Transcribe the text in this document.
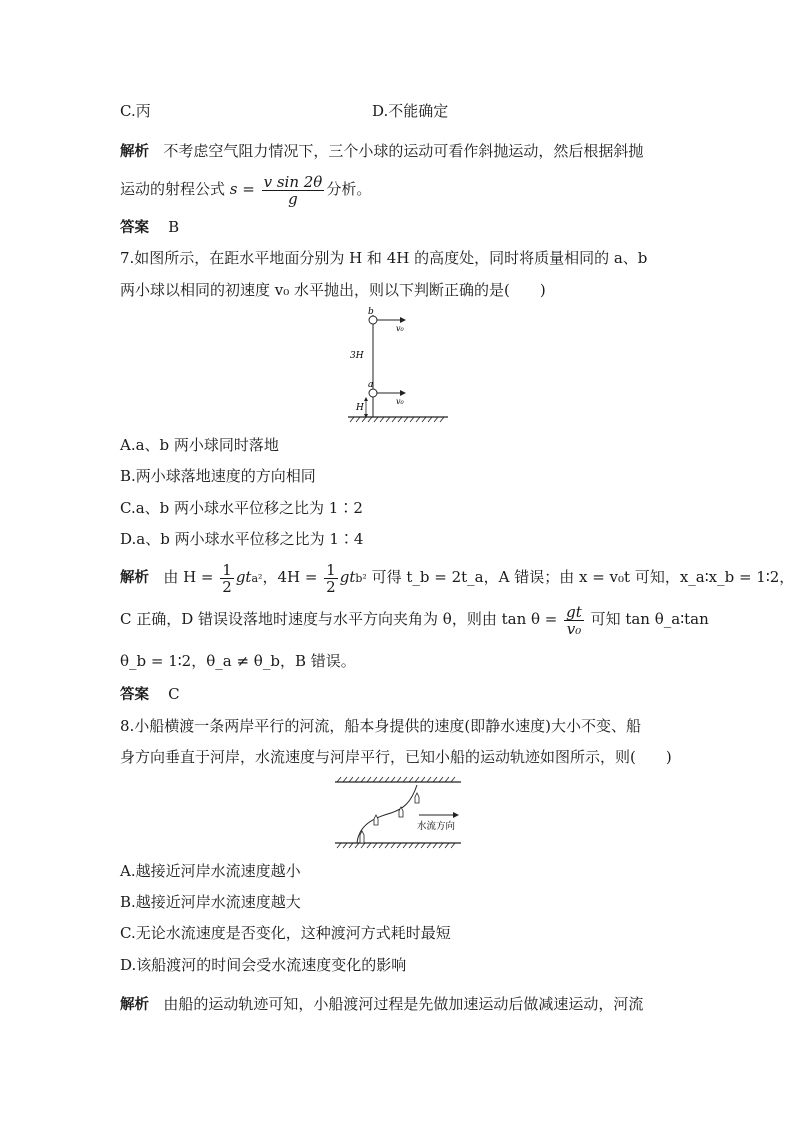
C.丙	D.不能确定
解析 不考虑空气阻力情况下，三个小球的运动可看作斜抛运动，然后根据斜抛
运动的射程公式 $s = \frac{\text{v sin 2θ}}{g}$ 分析。
答案 B
7.如图所示，在距水平地面分别为 H 和 4H 的高度处，同时将质量相同的 a、b
两小球以相同的初速度 v₀ 水平抛出，则以下判断正确的是(　　)
b
v₀
a
v₀
3H
H
A.a、b 两小球同时落地
B.两小球落地速度的方向相同
C.a、b 两小球水平位移之比为 1∶2
D.a、b 两小球水平位移之比为 1∶4
解析 由 $H = \frac{1}{2} gta^2$，$4H = \frac{1}{2} gtb^2$ 可得 t_b = 2t_a，A 错误；由 x = v₀t 可知，x_a∶x_b = 1∶2，
C 正确，D 错误设落地时速度与水平方向夹角为 θ，则由 $\tan \theta = \frac{gt}{\text{v₀}}$ 可知 tan θ_a∶tan
θ_b = 1∶2，θ_a ≠ θ_b，B 错误。
答案 C
8.小船横渡一条两岸平行的河流，船本身提供的速度(即静水速度)大小不变、船
身方向垂直于河岸，水流速度与河岸平行，已知小船的运动轨迹如图所示，则(　　)
水流方向
A.越接近河岸水流速度越小
B.越接近河岸水流速度越大
C.无论水流速度是否变化，这种渡河方式耗时最短
D.该船渡河的时间会受水流速度变化的影响
解析 由船的运动轨迹可知，小船渡河过程是先做加速运动后做减速运动，河流
